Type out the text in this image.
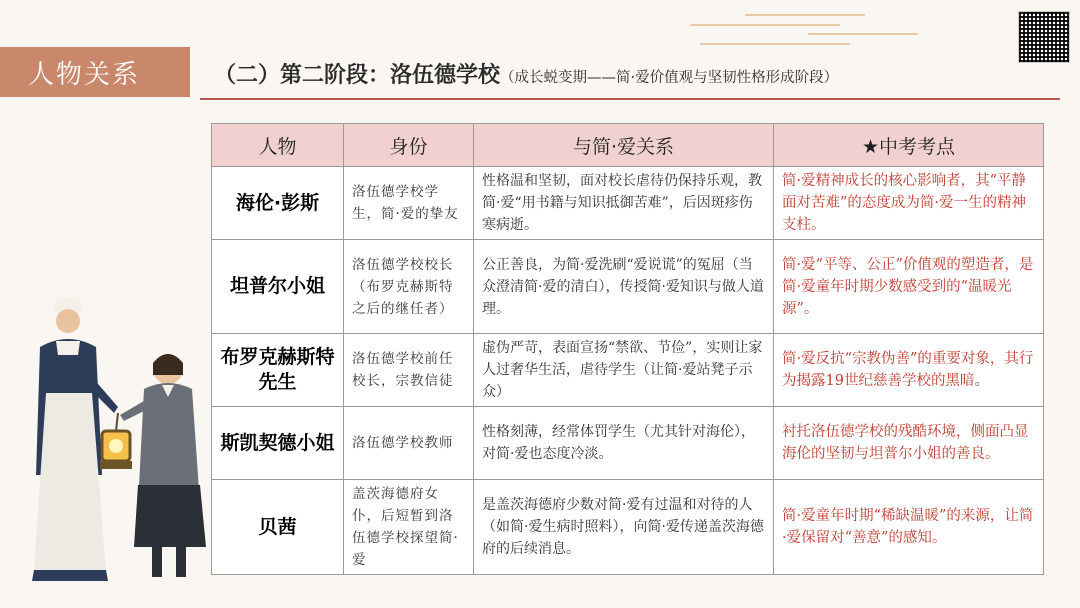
人物关系	（二）第二阶段：洛伍德学校（成长蜕变期——简·爱价值观与坚韧性格形成阶段）
人物	身份	与简·爱关系	★中考考点
海伦·彭斯	洛伍德学校学生，简·爱的挚友	性格温和坚韧，面对校长虐待仍保持乐观，教简·爱“用书籍与知识抵御苦难”，后因斑疹伤寒病逝。	简·爱精神成长的核心影响者，其“平静面对苦难”的态度成为简·爱一生的精神支柱。
坦普尔小姐	洛伍德学校校长（布罗克赫斯特之后的继任者）	公正善良，为简·爱洗刷“爱说谎”的冤屈（当众澄清简·爱的清白），传授简·爱知识与做人道理。	简·爱“平等、公正”价值观的塑造者，是简·爱童年时期少数感受到的“温暖光源”。
布罗克赫斯特先生	洛伍德学校前任校长，宗教信徒	虚伪严苛，表面宣扬“禁欲、节俭”，实则让家人过奢华生活，虐待学生（让简·爱站凳子示众）	简·爱反抗“宗教伪善”的重要对象，其行为揭露19世纪慈善学校的黑暗。
斯凯契德小姐	洛伍德学校教师	性格刻薄，经常体罚学生（尤其针对海伦），对简·爱也态度冷淡。	衬托洛伍德学校的残酷环境，侧面凸显海伦的坚韧与坦普尔小姐的善良。
贝茜	盖茨海德府女仆，后短暂到洛伍德学校探望简·爱	是盖茨海德府少数对简·爱有过温和对待的人（如简·爱生病时照料），向简·爱传递盖茨海德府的后续消息。	简·爱童年时期“稀缺温暖”的来源，让简·爱保留对“善意”的感知。
